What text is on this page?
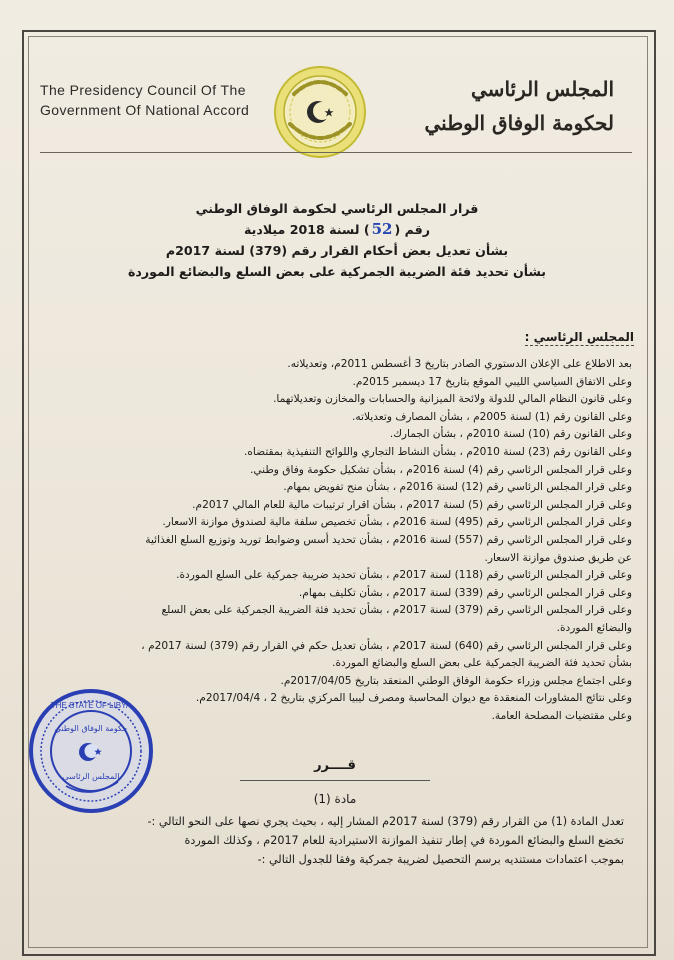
The Presidency Council Of The
Government Of National Accord
المجلس الرئاسي
لحكومة الوفاق الوطني
قرار المجلس الرئاسي لحكومة الوفاق الوطني
رقم (52) لسنة 2018 ميلادية
بشأن تعديل بعض أحكام القرار رقم (379) لسنة 2017م
بشأن تحديد فئة الضريبة الجمركية على بعض السلع والبضائع الموردة
المجلس الرئاسي :
بعد الاطلاع على الإعلان الدستوري الصادر بتاريخ 3 أغسطس 2011م، وتعديلاته.
وعلى الاتفاق السياسي الليبي الموقع بتاريخ 17 ديسمبر 2015م.
وعلى قانون النظام المالي للدولة ولائحة الميزانية والحسابات والمخازن وتعديلاتهما.
وعلى القانون رقم (1) لسنة 2005م ، بشأن المصارف وتعديلاته.
وعلى القانون رقم (10) لسنة 2010م ، بشأن الجمارك.
وعلى القانون رقم (23) لسنة 2010م ، بشأن النشاط التجاري واللوائح التنفيذية بمقتضاه.
وعلى قرار المجلس الرئاسي رقم (4) لسنة 2016م ، بشأن تشكيل حكومة وفاق وطني.
وعلى قرار المجلس الرئاسي رقم (12) لسنة 2016م ، بشأن منح تفويض بمهام.
وعلى قرار المجلس الرئاسي رقم (5) لسنة 2017م ، بشأن اقرار ترتيبات مالية للعام المالي 2017م.
وعلى قرار المجلس الرئاسي رقم (495) لسنة 2016م ، بشأن تخصيص سلفة مالية لصندوق موازنة الاسعار.
وعلى قرار المجلس الرئاسي رقم (557) لسنة 2016م ، بشأن تحديد أسس وضوابط توريد وتوزيع السلع الغذائية
عن طريق صندوق موازنة الاسعار.
وعلى قرار المجلس الرئاسي رقم (118) لسنة 2017م ، بشأن تحديد ضريبة جمركية على السلع الموردة.
وعلى قرار المجلس الرئاسي رقم (339) لسنة 2017م ، بشأن تكليف بمهام.
وعلى قرار المجلس الرئاسي رقم (379) لسنة 2017م ، بشأن تحديد فئة الضريبة الجمركية على بعض السلع
والبضائع الموردة.
وعلى قرار المجلس الرئاسي رقم (640) لسنة 2017م ، بشأن تعديل حكم في القرار رقم (379) لسنة 2017م ،
بشأن تحديد فئة الضريبة الجمركية على بعض السلع والبضائع الموردة.
وعلى اجتماع مجلس وزراء حكومة الوفاق الوطني المنعقد بتاريخ 2017/04/05م.
وعلى نتائج المشاورات المنعقدة مع ديوان المحاسبة ومصرف ليبيا المركزي بتاريخ 2 ، 2017/04/4م.
وعلى مقتضيات المصلحة العامة.
THE STATE OF LIBYA
حكومة الوفاق الوطني
المجلس الرئاسي
قــــرر
مادة (1)
تعدل المادة (1) من القرار رقم (379) لسنة 2017م المشار إليه ، بحيث يجري نصها على النحو التالي :-
تخضع السلع والبضائع الموردة في إطار تنفيذ الموازنة الاستيرادية للعام 2017م ، وكذلك الموردة
بموجب اعتمادات مستنديه برسم التحصيل لضريبة جمركية وفقا للجدول التالي :-
